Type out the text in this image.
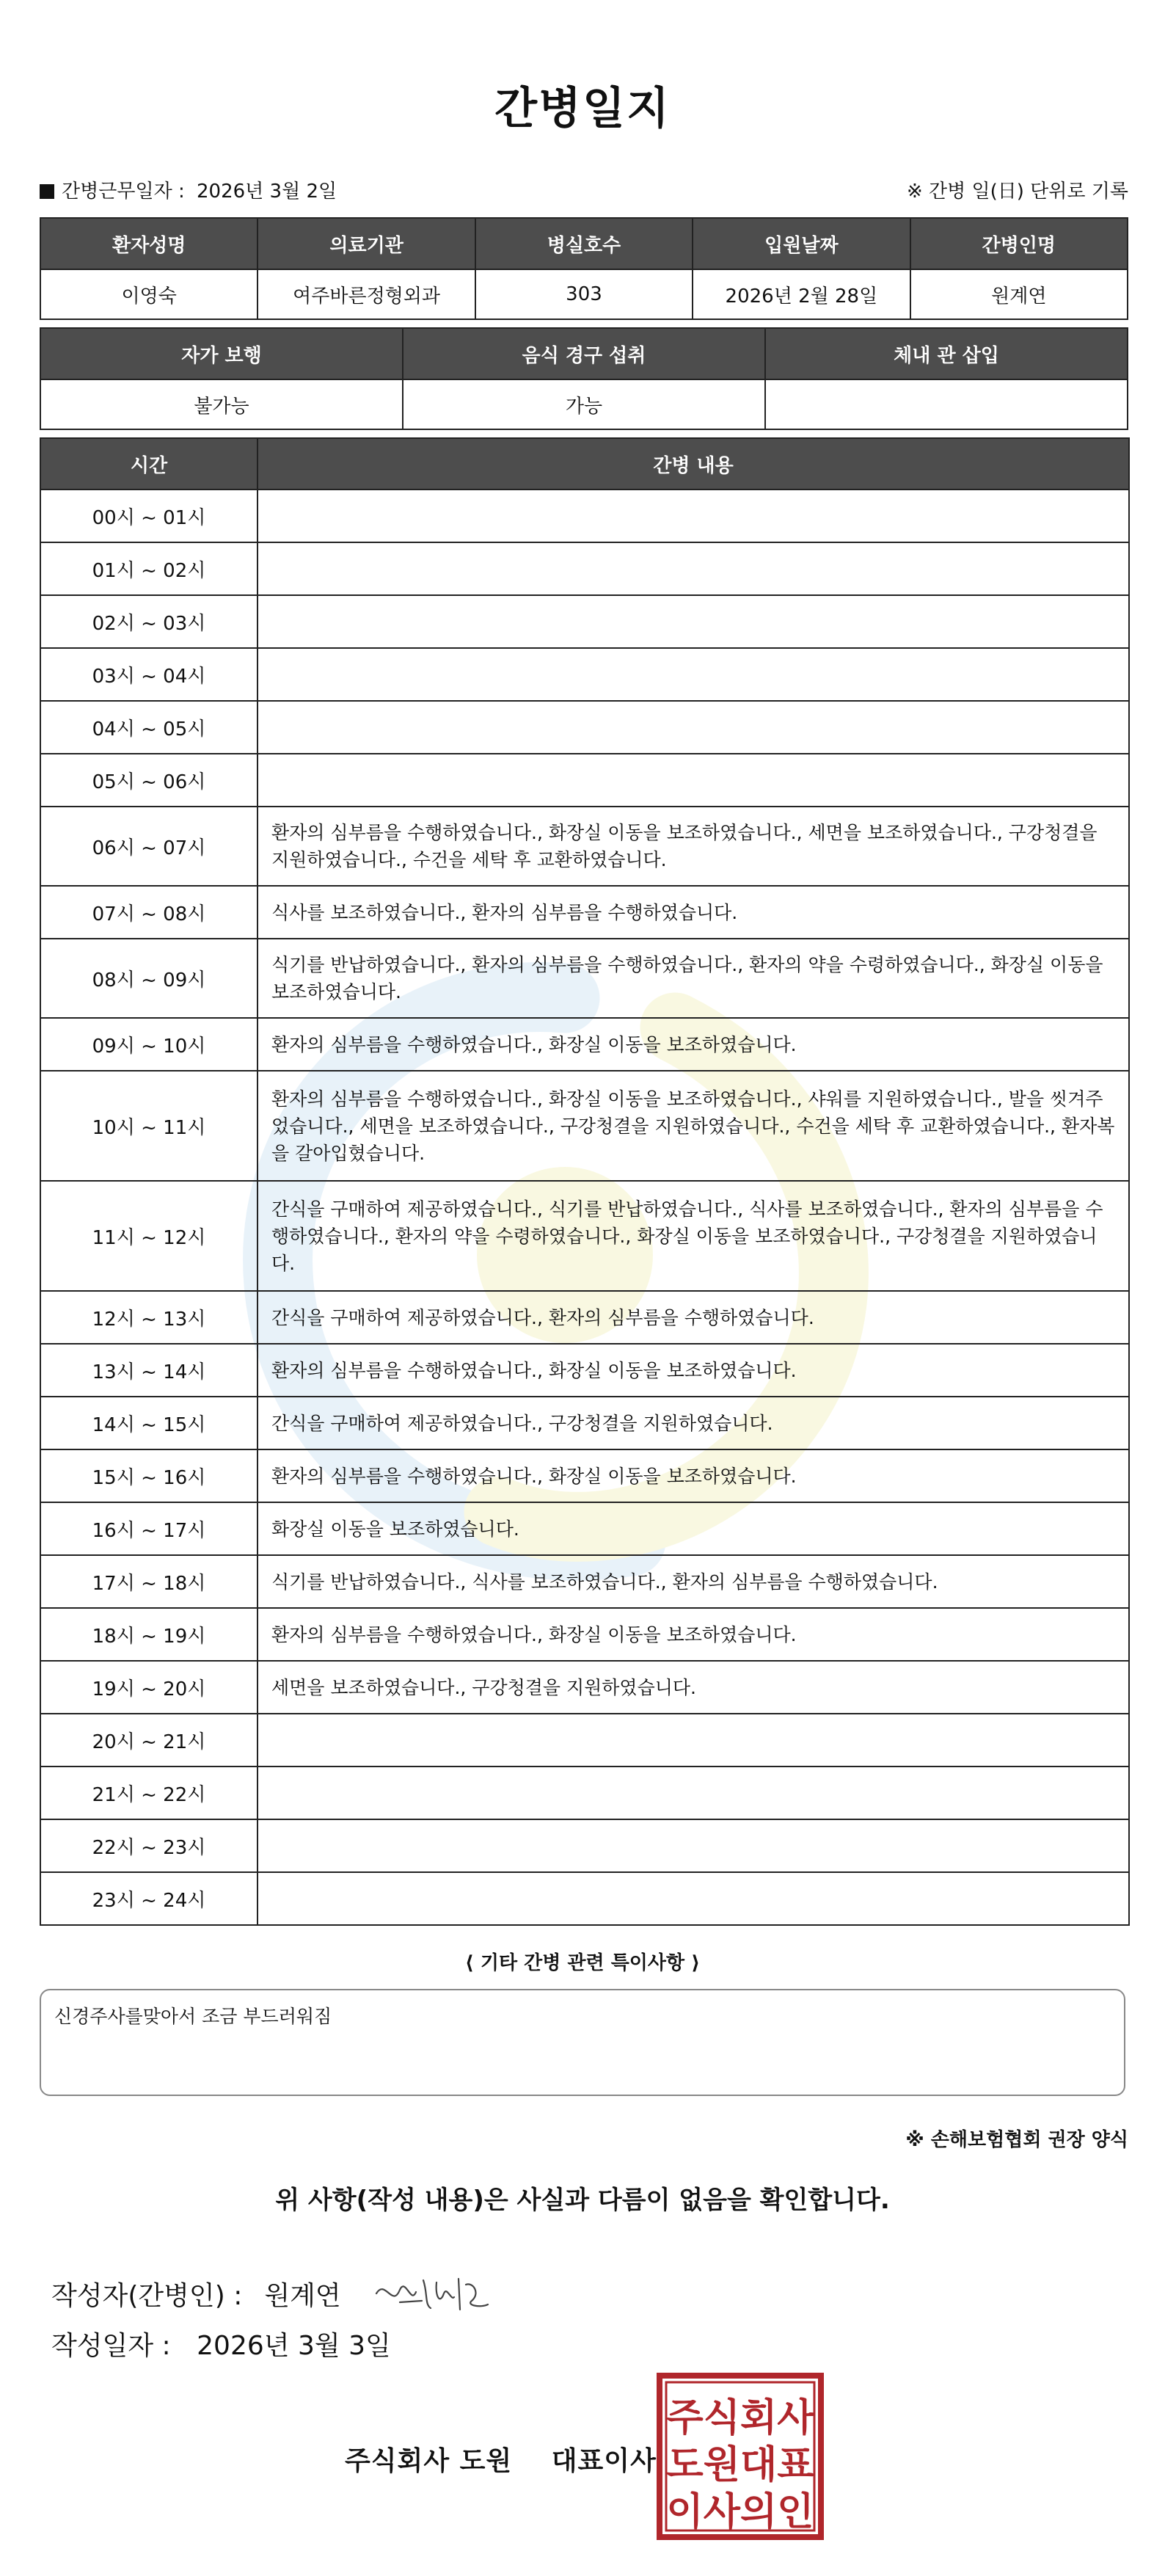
간병일지
간병근무일자 : 2026년 3월 2일	※ 간병 일(日) 단위로 기록
환자성명	의료기관	병실호수	입원날짜	간병인명
이영숙	여주바른정형외과	303	2026년 2월 28일	원계연
자가 보행	음식 경구 섭취	체내 관 삽입
불가능	가능	
시간	간병 내용
00시 ~ 01시	
01시 ~ 02시	
02시 ~ 03시	
03시 ~ 04시	
04시 ~ 05시	
05시 ~ 06시	
06시 ~ 07시	환자의 심부름을 수행하였습니다., 화장실 이동을 보조하였습니다., 세면을 보조하였습니다., 구강청결을 지원하였습니다., 수건을 세탁 후 교환하였습니다.
07시 ~ 08시	식사를 보조하였습니다., 환자의 심부름을 수행하였습니다.
08시 ~ 09시	식기를 반납하였습니다., 환자의 심부름을 수행하였습니다., 환자의 약을 수령하였습니다., 화장실 이동을 보조하였습니다.
09시 ~ 10시	환자의 심부름을 수행하였습니다., 화장실 이동을 보조하였습니다.
10시 ~ 11시	환자의 심부름을 수행하였습니다., 화장실 이동을 보조하였습니다., 샤워를 지원하였습니다., 발을 씻겨주었습니다., 세면을 보조하였습니다., 구강청결을 지원하였습니다., 수건을 세탁 후 교환하였습니다., 환자복을 갈아입혔습니다.
11시 ~ 12시	간식을 구매하여 제공하였습니다., 식기를 반납하였습니다., 식사를 보조하였습니다., 환자의 심부름을 수행하였습니다., 환자의 약을 수령하였습니다., 화장실 이동을 보조하였습니다., 구강청결을 지원하였습니다.
12시 ~ 13시	간식을 구매하여 제공하였습니다., 환자의 심부름을 수행하였습니다.
13시 ~ 14시	환자의 심부름을 수행하였습니다., 화장실 이동을 보조하였습니다.
14시 ~ 15시	간식을 구매하여 제공하였습니다., 구강청결을 지원하였습니다.
15시 ~ 16시	환자의 심부름을 수행하였습니다., 화장실 이동을 보조하였습니다.
16시 ~ 17시	화장실 이동을 보조하였습니다.
17시 ~ 18시	식기를 반납하였습니다., 식사를 보조하였습니다., 환자의 심부름을 수행하였습니다.
18시 ~ 19시	환자의 심부름을 수행하였습니다., 화장실 이동을 보조하였습니다.
19시 ~ 20시	세면을 보조하였습니다., 구강청결을 지원하였습니다.
20시 ~ 21시	
21시 ~ 22시	
22시 ~ 23시	
23시 ~ 24시	
⟨ 기타 간병 관련 특이사항 ⟩
신경주사를맞아서 조금 부드러워짐
※ 손해보험협회 권장 양식
위 사항(작성 내용)은 사실과 다름이 없음을 확인합니다.
작성자(간병인) : 원계연
작성일자 : 2026년 3월 3일
주식회사 도원 대표이사
주식회사
도원대표
이사의인
